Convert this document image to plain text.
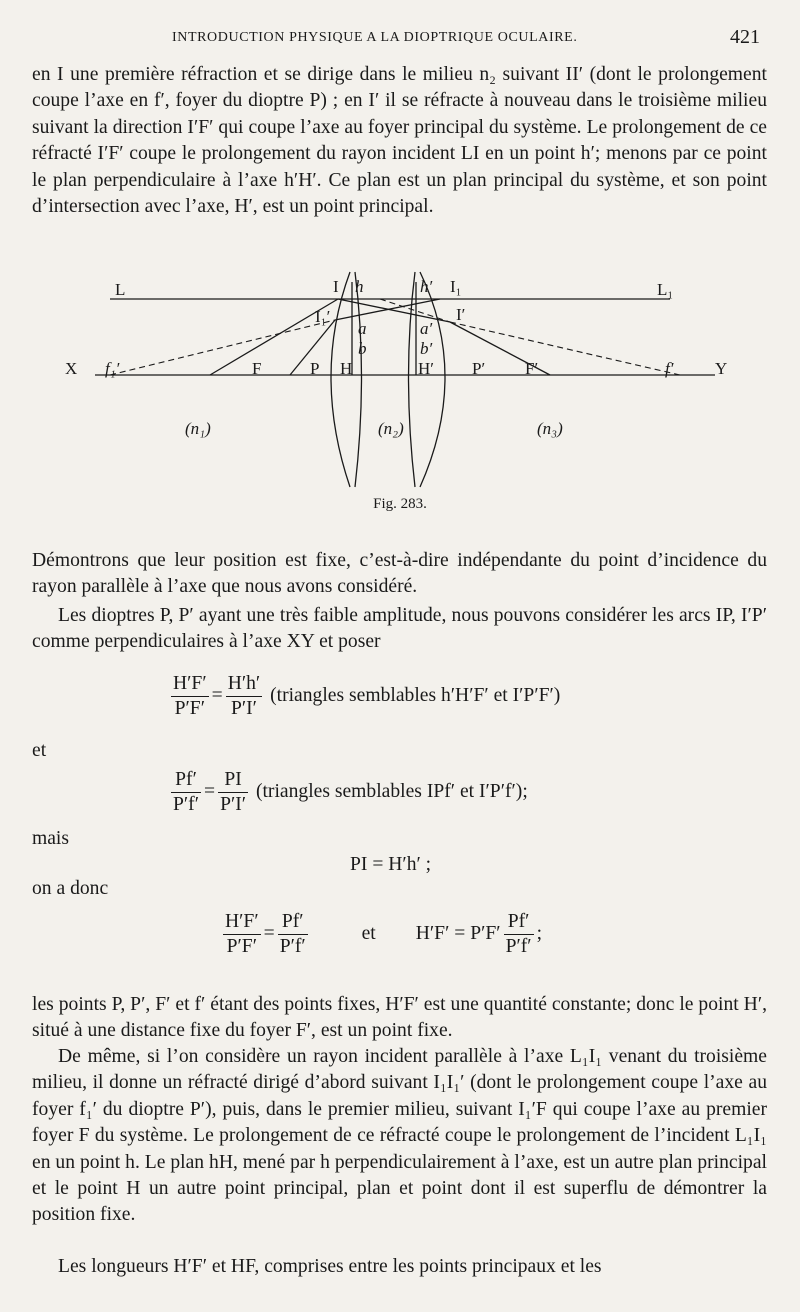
INTRODUCTION PHYSIQUE A LA DIOPTRIQUE OCULAIRE.	421

en I une première réfraction et se dirige dans le milieu n₂ suivant II′ (dont le prolongement coupe l’axe en f′, foyer du dioptre P) ; en I′ il se réfracte à nouveau dans le troisième milieu suivant la direction I′F′ qui coupe l’axe au foyer principal du système. Le prolongement de ce réfracté I′F′ coupe le prolongement du rayon incident LI en un point h′; menons par ce point le plan perpendiculaire à l’axe h′H′. Ce plan est un plan principal du système, et son point d’intersection avec l’axe, H′, est un point principal.

L	L₁
I h	h′ I₁
I₁′	I′
a	a′
b	b′
X f₁′	F	P H	H′ P′ F′	f′ Y
(n₁)	(n₂)	(n₃)
Fig. 283.

Démontrons que leur position est fixe, c’est-à-dire indépendante du point d’incidence du rayon parallèle à l’axe que nous avons considéré.

Les dioptres P, P′ ayant une très faible amplitude, nous pouvons considérer les arcs IP, I′P′ comme perpendiculaires à l’axe XY et poser

$\frac{H'F'}{P'F'} = \frac{H'h'}{P'I'}$ (triangles semblables h′H′F′ et I′P′F′)
et
$\frac{Pf'}{P'f'} = \frac{PI}{P'I'}$ (triangles semblables IPf′ et I′P′f′);
mais
PI = H′h′ ;
on a donc
$\frac{H'F'}{P'F'} = \frac{Pf'}{P'f'}$	et $H'F' = P'F' \frac{Pf'}{P'f'}$ ;

les points P, P′, F′ et f′ étant des points fixes, H′F′ est une quantité constante; donc le point H′, situé à une distance fixe du foyer F′, est un point fixe.

De même, si l’on considère un rayon incident parallèle à l’axe L₁I₁ venant du troisième milieu, il donne un réfracté dirigé d’abord suivant I₁I₁′ (dont le prolongement coupe l’axe au foyer f₁′ du dioptre P′), puis, dans le premier milieu, suivant I₁′F qui coupe l’axe au premier foyer F du système. Le prolongement de ce réfracté coupe le prolongement de l’incident L₁I₁ en un point h. Le plan hH, mené par h perpendiculairement à l’axe, est un autre plan principal et le point H un autre point principal, plan et point dont il est superflu de démontrer la position fixe.

Les longueurs H′F′ et HF, comprises entre les points principaux et les
